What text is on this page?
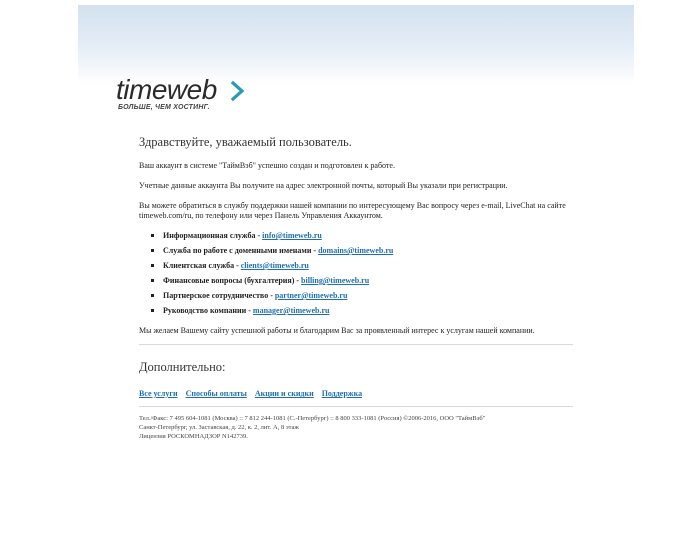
timeweb
БОЛЬШЕ, ЧЕМ ХОСТИНГ.
Здравствуйте, уважаемый пользователь.

Ваш аккаунт в системе "ТаймВэб" успешно создан и подготовлен к работе.

Учетные данные аккаунта Вы получите на адрес электронной почты, который Вы указали при регистрации.

Вы можете обратиться в службу поддержки нашей компании по интересующему Вас вопросу через e-mail, LiveChat на сайте timeweb.com/ru, по телефону или через Панель Управления Аккаунтом.

Информационная служба - info@timeweb.ru
Служба по работе с доменными именами - domains@timeweb.ru
Клиентская служба - clients@timeweb.ru
Финансовые вопросы (бухгалтерия) - billing@timeweb.ru
Партнерское сотрудничество - partner@timeweb.ru
Руководство компании - manager@timeweb.ru

Мы желаем Вашему сайту успешной работы и благодарим Вас за проявленный интерес к услугам нашей компании.

Дополнительно:
Все услуги Способы оплаты Акции и скидки Поддержка
Тел./Факс: 7 495 604-1081 (Москва) :: 7 812 244-1081 (С.-Петербург) :: 8 800 333-1081 (Россия) ©2006-2016, ООО "ТаймВэб"
Санкт-Петербург, ул. Заставская, д. 22, к. 2, лит. А, 8 этаж
Лицензия РОСКОМНАДЗОР N142739.
